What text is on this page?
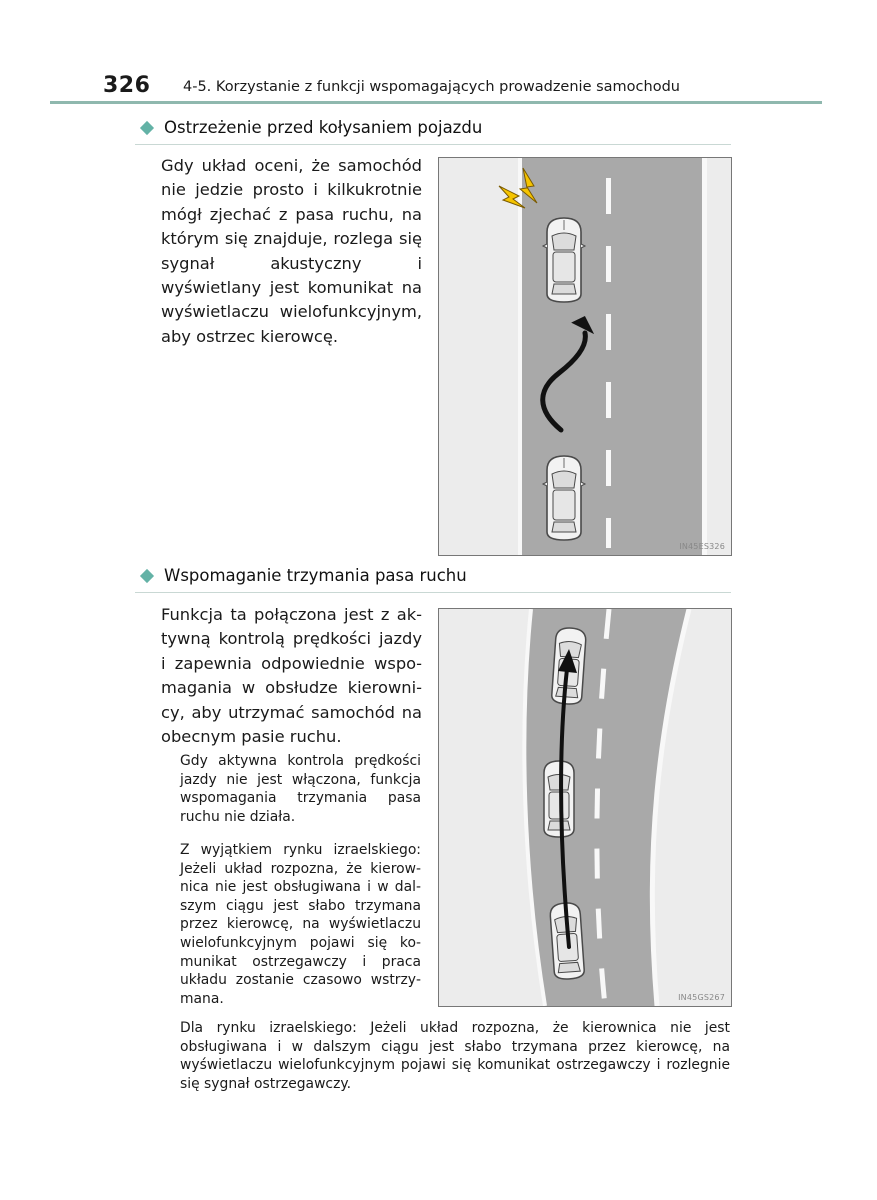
326 4-5. Korzystanie z funkcji wspomagających prowadzenie samochodu
Ostrzeżenie przed kołysaniem pojazdu
Gdy układ oceni, że samochód nie jedzie prosto i kilkukrotnie mógł zjechać z pasa ruchu, na którym się znajduje, rozlega się sygnał akustyczny i wyświetlany jest komunikat na wyświetlaczu wielofunkcyjnym, aby ostrzec kierowcę.
IN45ES326
Wspomaganie trzymania pasa ruchu
Funkcja ta połączona jest z aktywną kontrolą prędkości jazdy i zapewnia odpowiednie wspomagania w obsłudze kierownicy, aby utrzymać samochód na obecnym pasie ruchu.
Gdy aktywna kontrola prędkości jazdy nie jest włączona, funkcja wspomagania trzymania pasa ruchu nie działa.
Z wyjątkiem rynku izraelskiego: Jeżeli układ rozpozna, że kierownica nie jest obsługiwana i w dalszym ciągu jest słabo trzymana przez kierowcę, na wyświetlaczu wielofunkcyjnym pojawi się komunikat ostrzegawczy i praca układu zostanie czasowo wstrzymana.	IN45GS267
Dla rynku izraelskiego: Jeżeli układ rozpozna, że kierownica nie jest obsługiwana i w dalszym ciągu jest słabo trzymana przez kierowcę, na wyświetlaczu wielofunkcyjnym pojawi się komunikat ostrzegawczy i rozlegnie się sygnał ostrzegawczy.
